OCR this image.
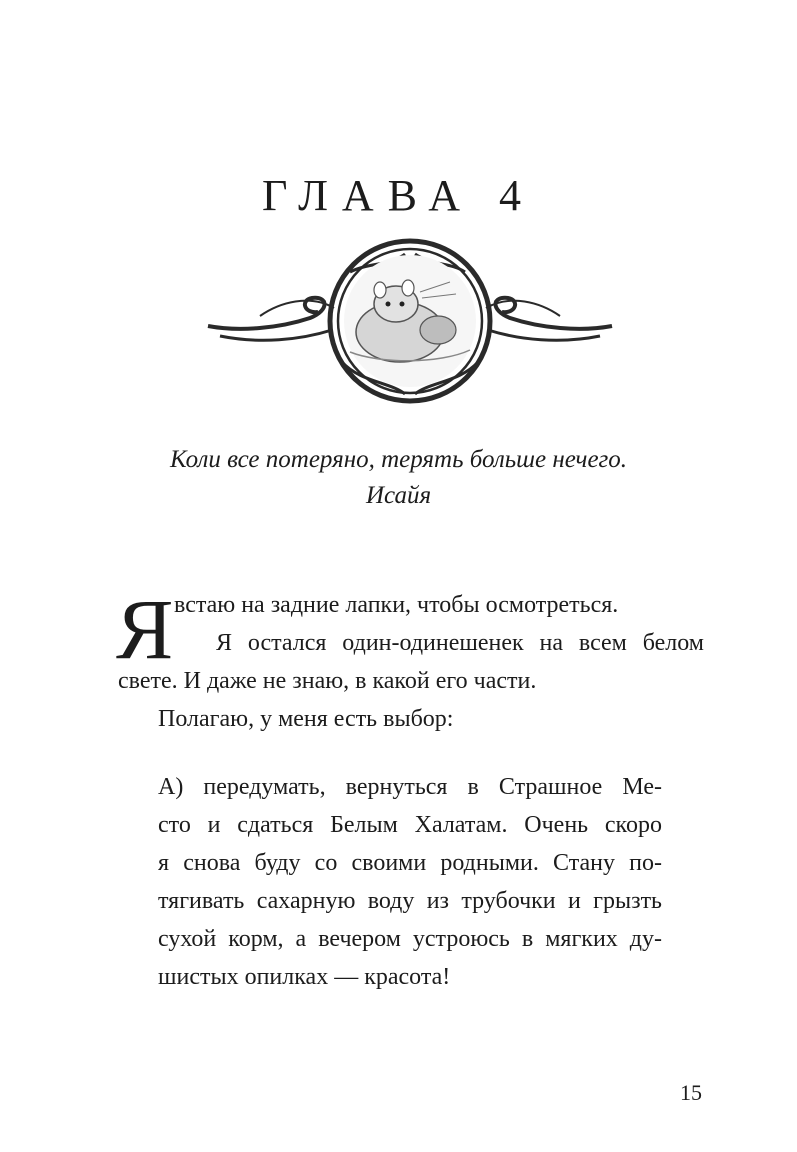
ГЛАВА 4
Коли все потеряно, терять больше нечего.
Исайя
Я встаю на задние лапки, чтобы осмотреться.
Я остался один-одинешенек на всем белом
свете. И даже не знаю, в какой его части.
Полагаю, у меня есть выбор:
А) передумать, вернуться в Страшное Ме-
сто и сдаться Белым Халатам. Очень скоро
я снова буду со своими родными. Стану по-
тягивать сахарную воду из трубочки и грызть
сухой корм, а вечером устроюсь в мягких ду-
шистых опилках — красота!
15
